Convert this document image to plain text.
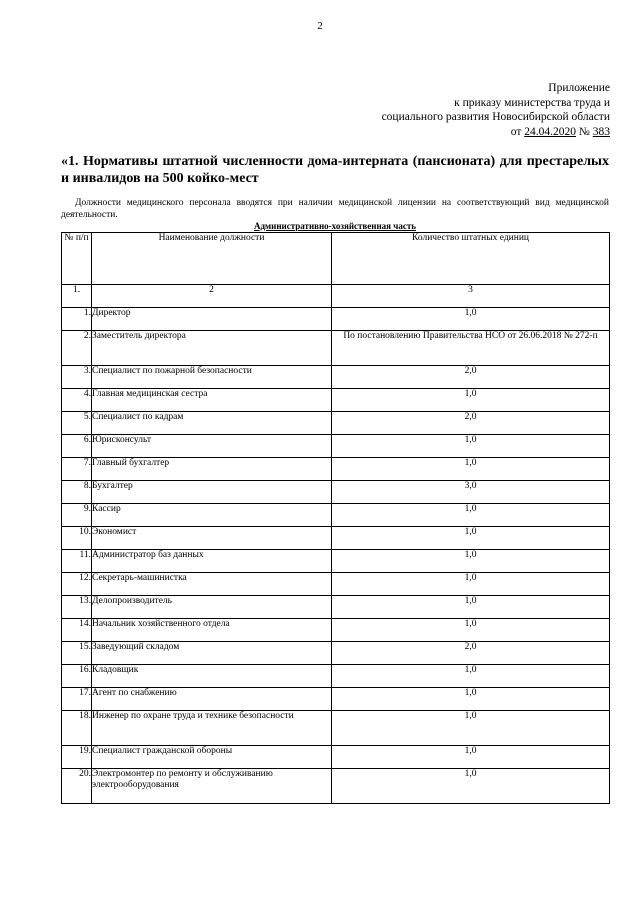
2
Приложение
к приказу министерства труда и
социального развития Новосибирской области
от 24.04.2020 № 383
«1. Нормативы штатной численности дома-интерната (пансионата) для престарелых и инвалидов на 500 койко-мест
Должности медицинского персонала вводятся при наличии медицинской лицензии на соответствующий вид медицинской деятельности.
Административно-хозяйственная часть
№ п/п	Наименование должности	Количество штатных единиц
1.	2	3
1.	Директор	1,0
2.	Заместитель директора	По постановлению Правительства НСО от 26.06.2018 № 272-п
3.	Специалист по пожарной безопасности	2,0
4.	Главная медицинская сестра	1,0
5.	Специалист по кадрам	2,0
6.	Юрисконсульт	1,0
7.	Главный бухгалтер	1,0
8.	Бухгалтер	3,0
9.	Кассир	1,0
10.	Экономист	1,0
11.	Администратор баз данных	1,0
12.	Секретарь-машинистка	1,0
13.	Делопроизводитель	1,0
14.	Начальник хозяйственного отдела	1,0
15.	Заведующий складом	2,0
16.	Кладовщик	1,0
17.	Агент по снабжению	1,0
18.	Инженер по охране труда и технике безопасности	1,0
19.	Специалист гражданской обороны	1,0
20.	Электромонтер по ремонту и обслуживанию электрооборудования	1,0
